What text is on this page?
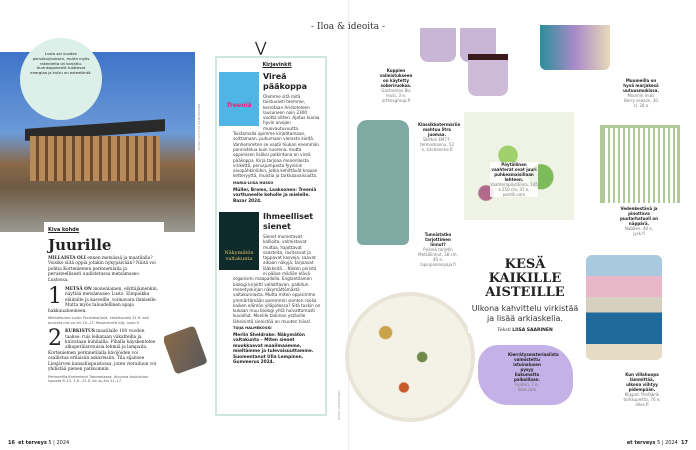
- Iloa & ideoita -
Lusto sai vuoden peruskorjauksen, mutta myös rakenteita on korjattu. Aurinkopaneelit tuottavat energiaa ja kulku on esteetöntä.
KUVAT LUSTO JA JOHN PALMÉN
Kiva kohde
Juurille
MILLAISTA OLI ennen metsässä ja maatilalla? Voisiko siitä oppia jotakin nykypäivään? Näitä voi pohtia Korteniemen perinnetilalla ja perusteellisesti uudistetussa metsämuseo Lustossa.
1 METSÄ ON monenlainen, elättäjäinenkin, näyttää metsämuseo Lusto. Elinpaikka eläimille ja kasveille, voimavara ihmiselle. Mutta myös taloudellinen apaja hakkuualueineen.
Metsämuseo Lusto Punkaharjulla, keskikuusta 31.9. asti avoinna ma–su klo 10–17. Museokortti käy. lusto.fi
2 KURKISTUS maatilalle 100 vuoden taakse: ruis leikataan viikatteilla ja kuivataan kuhilailla. Pihalla käyskentelee alkuperäisrotuisia lehmiä ja lampaita. Korteniemen perinnetilalla kävijöiden voi osallistua erilaisiin askareisiin. Tila sijaitsee Liesjärven kansallispuistossa, joten vierailuun voi yhdistää pienen patikoinnin.
Perinnetila Korteniemi Tammelassa. Avoinna toukokuun lopusta 9–15, 1.6.–31.8. ke–su klo 11–17.
⋁
Kirjavinkit
Treeniä
Vireä pääkoppa
Olemme sitä mitä toistuvasti teemme, kerrotaan Aristoteleen lausuneen noin 2300 vuotta sitten. Ajatus kuvaa hyvin aivojen muovautuvuutta. Toistamalla opimme kirjoittamaan, soittamaan, puhumaan vierasta kieltä. Vanhemmiten se vaatii hiukan enemmän ponnistelua kuin nuorena, mutta oppimisen lisäksi palkintona on vireä pääkoppa. Kirja tarjoaa monenlaista virikettä, perusjumpasta fyysisiin aivopähkinöihin, jotka kehittävät kropan ketteryyttä, muistia ja tarkkaavaisuutta.
MARIA-LIISA HUSSO
Müller, Broms, Laaksonen: Treeniä varttuneelle keholle ja mielelle. Bazar 2024.
Näkymätön valtakunta
Ihmeelliset sienet
Sienet murentavat kallioita, valmistavat multaa, hajottavat saasteita, ravitsevat ja tappavat kasveja, saavat aikaan näkyjä, tarjoavat lääkkeitä… Niiden piiristä ei pääse mikään elävä organismi maapallolla. Englantilainen biologi kirjoitti valloittavan, palkitun menetyskirjan näkymättömästä valtakunnasta. Mutta miten oppisimme ymmärtämään paremmin sienten roolia kaiken elämän ylläpidossa? Sitä tuskin on kukaan muu biologi yhtä hulvattomasti kuvaillut. Monille taikinan ystäville läheisintä sienistöä on muuten hiiva!
TUIJA HALMEKOSKI
Merlin Sheldrake: Näkymätön valtakunta – Miten sienet muokkaavat maailmaamme, mieltämme ja tulevaisuuttamme. Suomentanut Ulla Lempinen. Gummerus 2024.
16 et terveys 5 | 2024
KUVAT VALMISTAJAT
Kuppien valmistukseen on käytetty sokeriruokoa.
Gastromax Bio muki, 3 e, orthexgroup.fi
Muumeilla on hyvä marjakesä uutuusmukissa.
Moomin muki Berry season, 30 cl, 28 e
Klassikkotermariin mahtuu litra juomaa.
Stelton EM77-termoskannu, 52 e, kitchenone.fi
Pöytäliinan vaahterat ovat juuri puhkeamaisillaan lehteen.
Vaahterapöytäliina, 145 x 250 cm, 47 e, pentik.com
Vedenkestävä ja pinottava puutarhatuoli on näppärä.
Nabben, 40 e, jysk.fi
Tunnistatko tarjottimen linnut?
Pyöreä tarjotin Metsälinnut, 38 cm, 40 e, lapinpoolonpaja.fi
Kierrätysmateriaalista valmistettu istuinalusen pysyy liukumatta paikoillaan.
Fynteri, 7 e, ikea.com
Kun villahuopa lämmittää, ulkona viihtyy pidempään.
Klippan Yllefabrik torkkupeitto, 76 e, ellos.fi
KESÄ KAIKILLE AISTEILLE
Ulkona kahvittelu virkistää ja lisää arkiaskelia.
Teksti LIISA SAARINEN
et terveys 5 | 2024 17
